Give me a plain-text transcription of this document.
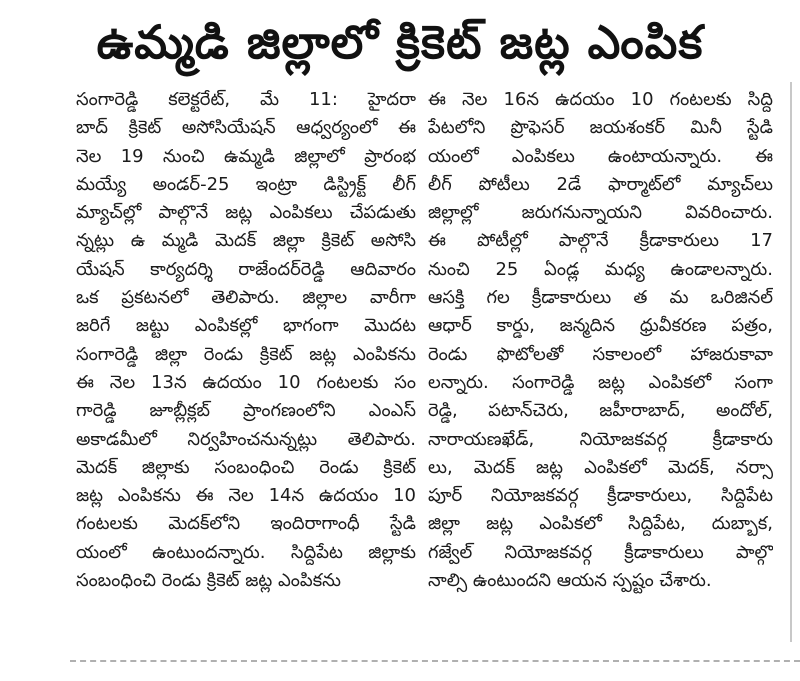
ఉమ్మడి జిల్లాలో క్రికెట్ జట్ల ఎంపిక
సంగారెడ్డి కలెక్టరేట్, మే 11: హైదరా
బాద్ క్రికెట్ అసోసియేషన్ ఆధ్వర్యంలో ఈ
నెల 19 నుంచి ఉమ్మడి జిల్లాలో ప్రారంభ
మయ్యే అండర్-25 ఇంట్రా డిస్ట్రిక్ట్ లీగ్
మ్యాచ్‌ల్లో పాల్గొనే జట్ల ఎంపికలు చేపడుతు
న్నట్లు ఉ మ్మడి మెదక్ జిల్లా క్రికెట్ అసోసి
యేషన్ కార్యదర్శి రాజేందర్‌రెడ్డి ఆదివారం
ఒక ప్రకటనలో తెలిపారు. జిల్లాల వారీగా
జరిగే జట్టు ఎంపికల్లో భాగంగా మొదట
సంగారెడ్డి జిల్లా రెండు క్రికెట్ జట్ల ఎంపికను
ఈ నెల 13న ఉదయం 10 గంటలకు సం
గారెడ్డి జూబ్లీక్లబ్ ప్రాంగణంలోని ఎంఎస్
అకాడమీలో నిర్వహించనున్నట్లు తెలిపారు.
మెదక్ జిల్లాకు సంబంధించి రెండు క్రికెట్
జట్ల ఎంపికను ఈ నెల 14న ఉదయం 10
గంటలకు మెదక్‌లోని ఇందిరాగాంధీ స్టేడి
యంలో ఉంటుందన్నారు. సిద్దిపేట జిల్లాకు
సంబంధించి రెండు క్రికెట్ జట్ల ఎంపికను
ఈ నెల 16న ఉదయం 10 గంటలకు సిద్ది
పేటలోని ప్రొఫెసర్ జయశంకర్ మినీ స్టేడి
యంలో ఎంపికలు ఉంటాయన్నారు. ఈ
లీగ్ పోటీలు 2డే ఫార్మాట్‌లో మ్యాచ్‌లు
జిల్లాల్లో జరుగనున్నాయని వివరించారు.
ఈ పోటీల్లో పాల్గొనే క్రీడాకారులు 17
నుంచి 25 ఏండ్ల మధ్య ఉండాలన్నారు.
ఆసక్తి గల క్రీడాకారులు త మ ఒరిజినల్
ఆధార్ కార్డు, జన్మదిన ధ్రువీకరణ పత్రం,
రెండు ఫొటోలతో సకాలంలో హాజరుకావా
లన్నారు. సంగారెడ్డి జట్ల ఎంపికలో సంగా
రెడ్డి, పటాన్‌చెరు, జహీరాబాద్, అందోల్,
నారాయణఖేడ్, నియోజకవర్గ క్రీడాకారు
లు, మెదక్ జట్ల ఎంపికలో మెదక్, నర్సా
పూర్ నియోజకవర్గ క్రీడాకారులు, సిద్దిపేట
జిల్లా జట్ల ఎంపికలో సిద్దిపేట, దుబ్బాక,
గజ్వేల్ నియోజకవర్గ క్రీడాకారులు పాల్గొ
నాల్సి ఉంటుందని ఆయన స్పష్టం చేశారు.
